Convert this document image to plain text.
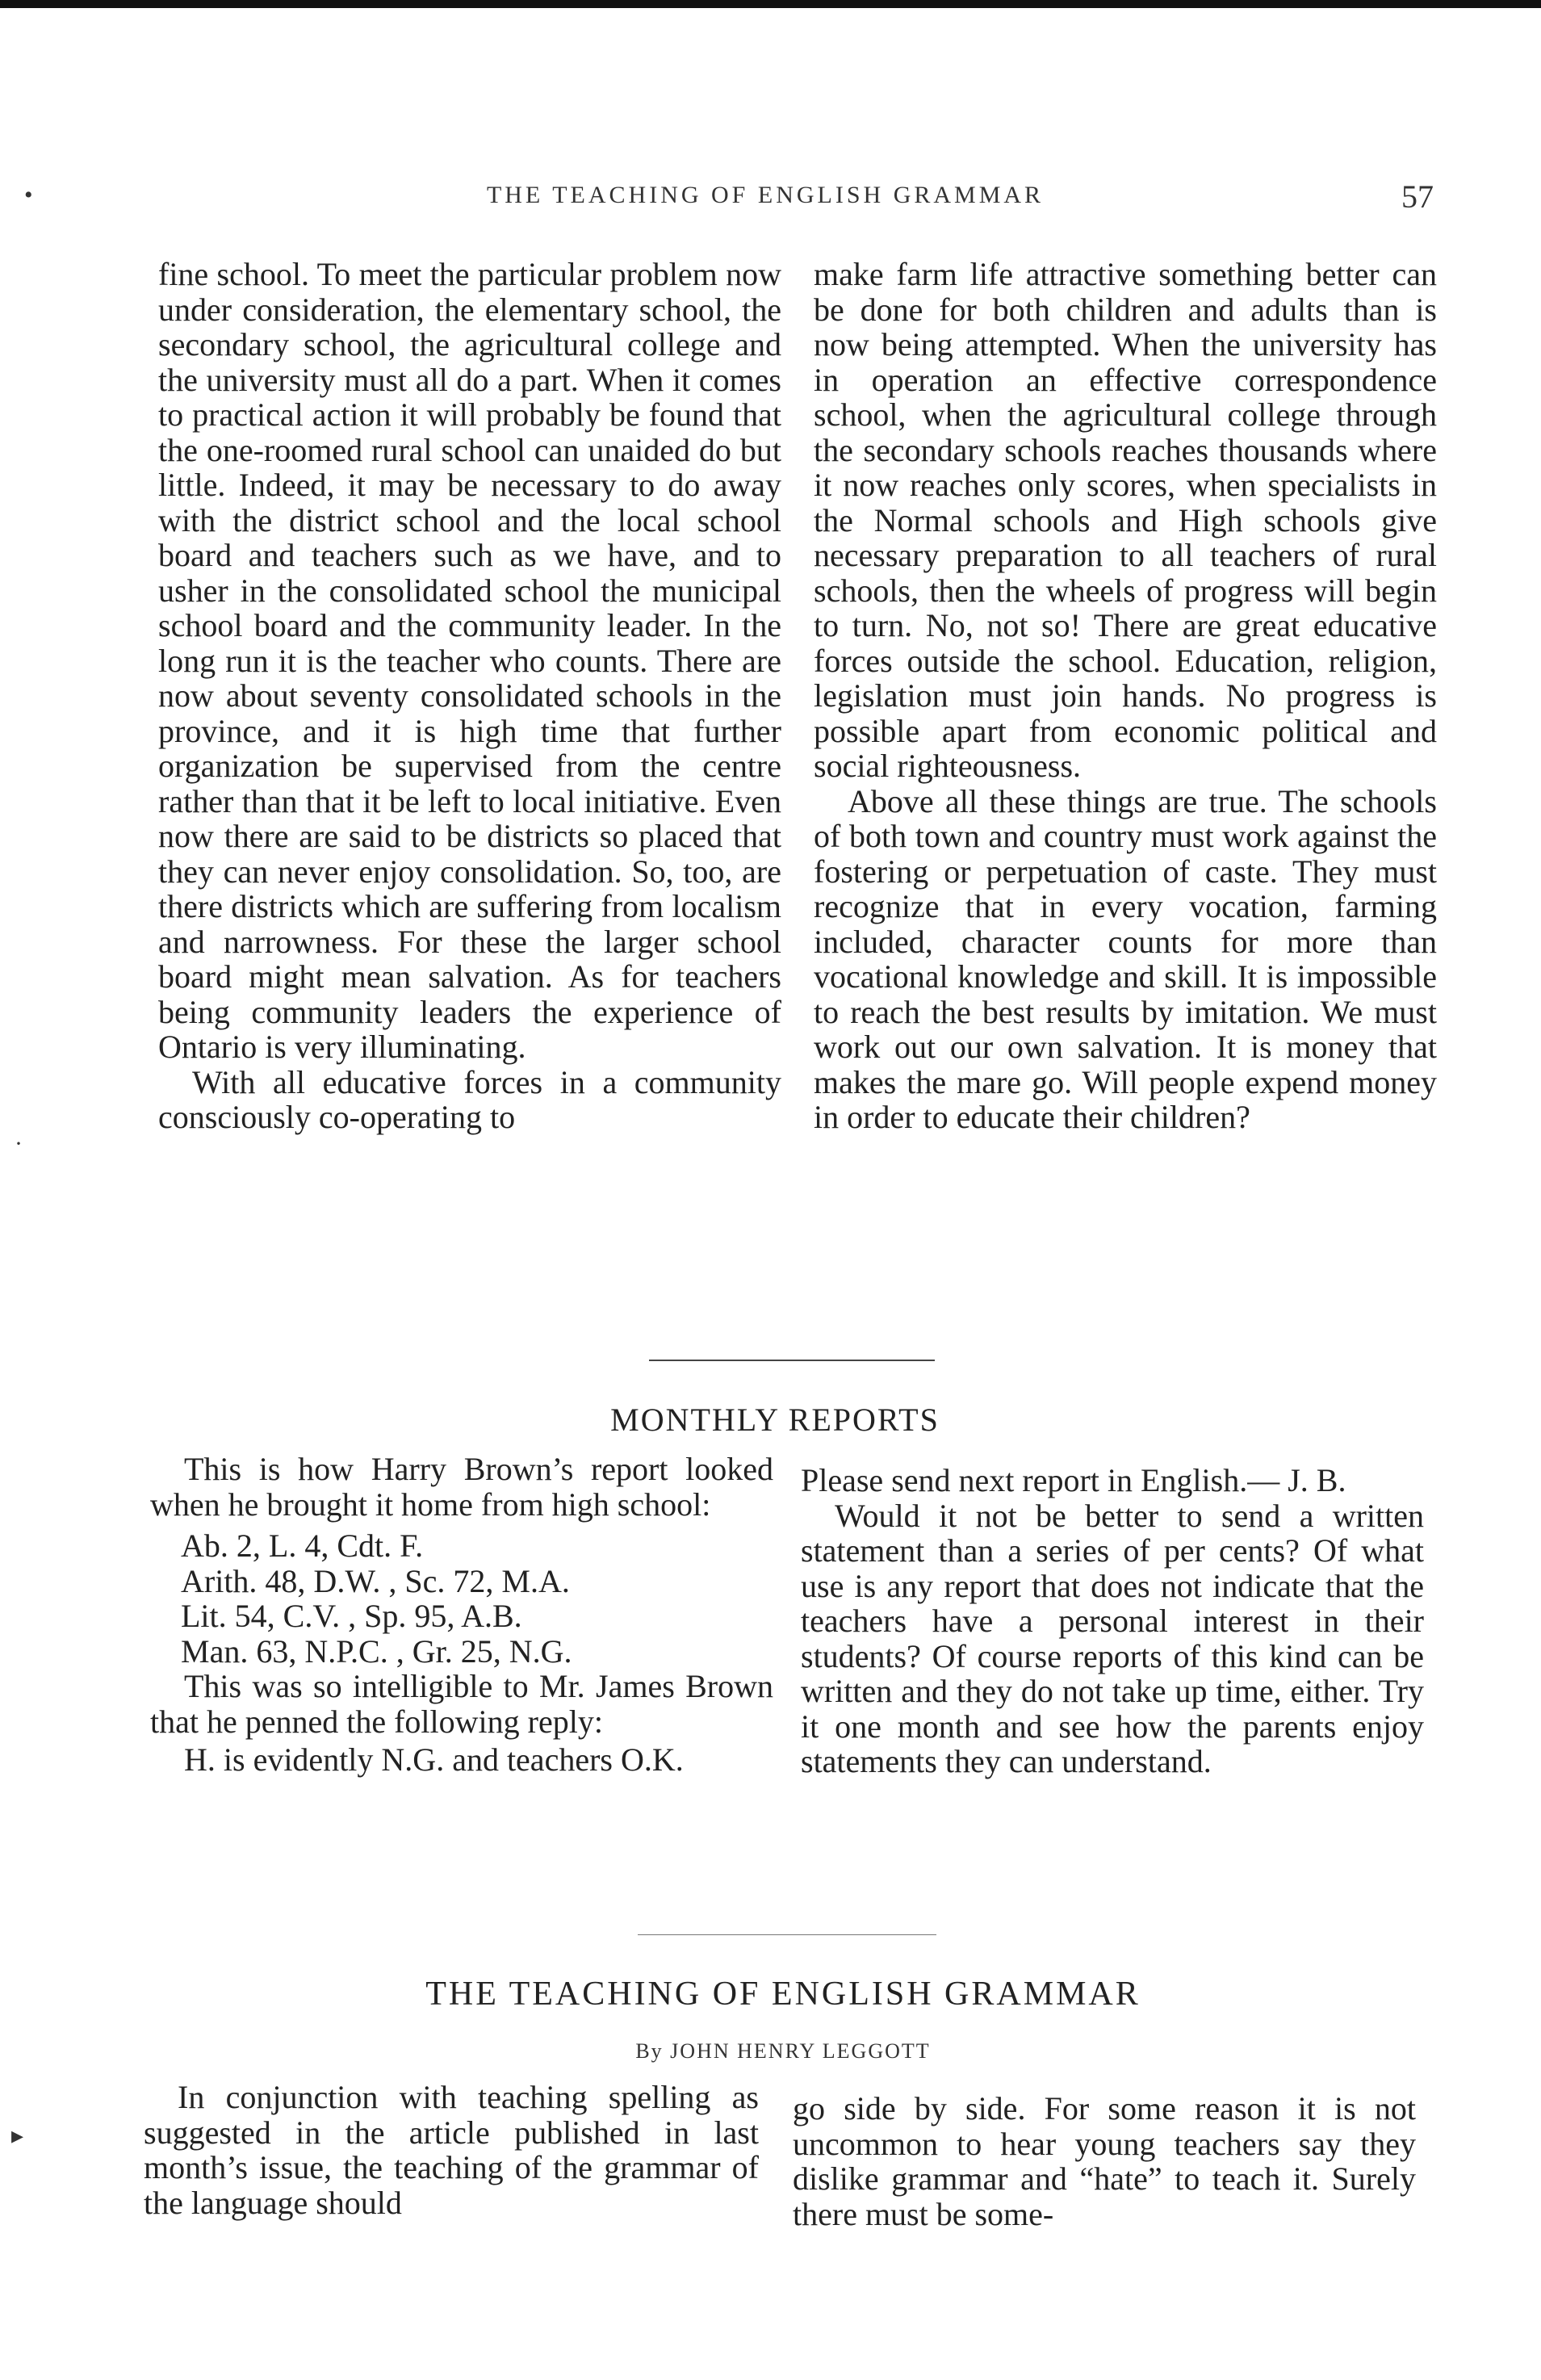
THE TEACHING OF ENGLISH GRAMMAR	57

fine school. To meet the particular problem now under consideration, the elementary school, the secondary school, the agricultural college and the university must all do a part. When it comes to practical action it will probably be found that the one-roomed rural school can unaided do but little. Indeed, it may be necessary to do away with the district school and the local school board and teachers such as we have, and to usher in the consolidated school the municipal school board and the community leader. In the long run it is the teacher who counts. There are now about seventy consolidated schools in the province, and it is high time that further organization be supervised from the centre rather than that it be left to local initiative. Even now there are said to be districts so placed that they can never enjoy consolidation. So, too, are there districts which are suffering from localism and narrowness. For these the larger school board might mean salvation. As for teachers being community leaders the experience of Ontario is very illuminating.

With all educative forces in a community consciously co-operating to

make farm life attractive something better can be done for both children and adults than is now being attempted. When the university has in operation an effective correspondence school, when the agricultural college through the secondary schools reaches thousands where it now reaches only scores, when specialists in the Normal schools and High schools give necessary preparation to all teachers of rural schools, then the wheels of progress will begin to turn. No, not so! There are great educative forces outside the school. Education, religion, legislation must join hands. No progress is possible apart from economic political and social righteousness.

Above all these things are true. The schools of both town and country must work against the fostering or perpetuation of caste. They must recognize that in every vocation, farming included, character counts for more than vocational knowledge and skill. It is impossible to reach the best results by imitation. We must work out our own salvation. It is money that makes the mare go. Will people expend money in order to educate their children?

MONTHLY REPORTS

This is how Harry Brown’s report looked when he brought it home from high school:

Ab. 2, L. 4, Cdt. F.

Arith. 48, D.W. , Sc. 72, M.A.

Lit. 54, C.V. , Sp. 95, A.B.

Man. 63, N.P.C. , Gr. 25, N.G.

This was so intelligible to Mr. James Brown that he penned the following reply:

H. is evidently N.G. and teachers O.K.

Please send next report in English.— J. B.

Would it not be better to send a written statement than a series of per cents? Of what use is any report that does not indicate that the teachers have a personal interest in their students? Of course reports of this kind can be written and they do not take up time, either. Try it one month and see how the parents enjoy statements they can understand.

THE TEACHING OF ENGLISH GRAMMAR
By JOHN HENRY LEGGOTT

In conjunction with teaching spelling as suggested in the article published in last month’s issue, the teaching of the grammar of the language should

go side by side. For some reason it is not uncommon to hear young teachers say they dislike grammar and “hate” to teach it. Surely there must be some-

•
·
▸
